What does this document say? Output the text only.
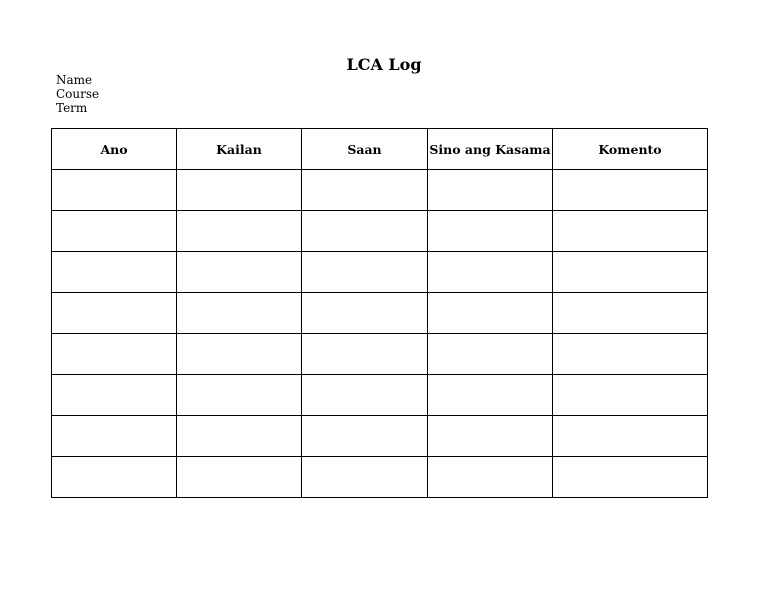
LCA Log
Name
Course
Term
Ano	Kailan	Saan	Sino ang Kasama	Komento
